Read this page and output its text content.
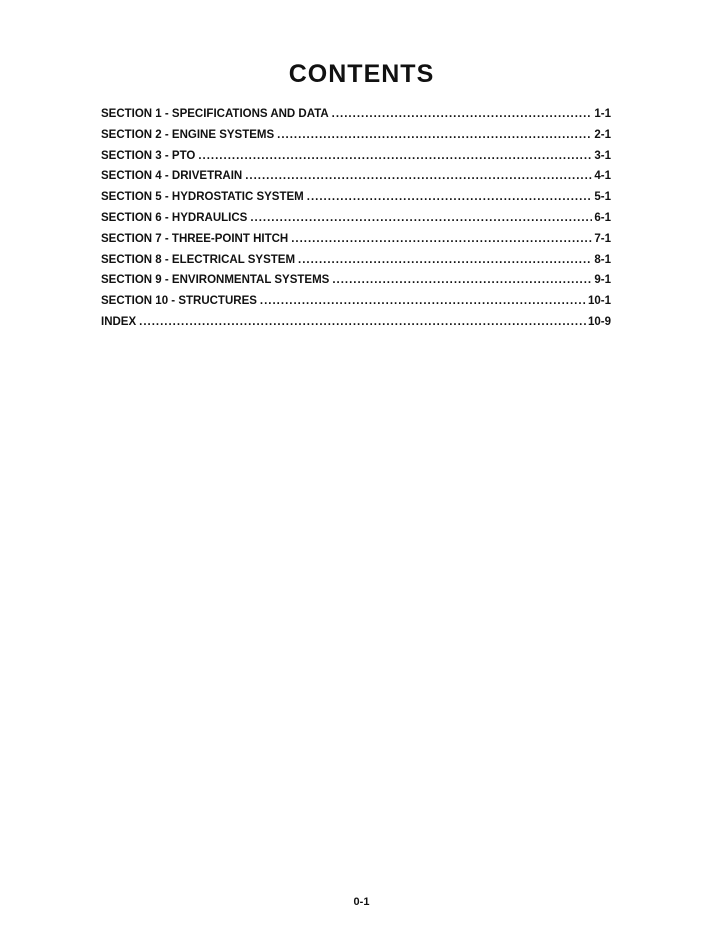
CONTENTS
SECTION 1 - SPECIFICATIONS AND DATA . . .	1-1
SECTION 2 - ENGINE SYSTEMS . . .	2-1
SECTION 3 - PTO . . .	3-1
SECTION 4 - DRIVETRAIN . . .	4-1
SECTION 5 - HYDROSTATIC SYSTEM . . .	5-1
SECTION 6 - HYDRAULICS . . .	6-1
SECTION 7 - THREE-POINT HITCH . . .	7-1
SECTION 8 - ELECTRICAL SYSTEM . . .	8-1
SECTION 9 - ENVIRONMENTAL SYSTEMS . . .	9-1
SECTION 10 - STRUCTURES . . .	10-1
INDEX . . .	10-9
0-1
